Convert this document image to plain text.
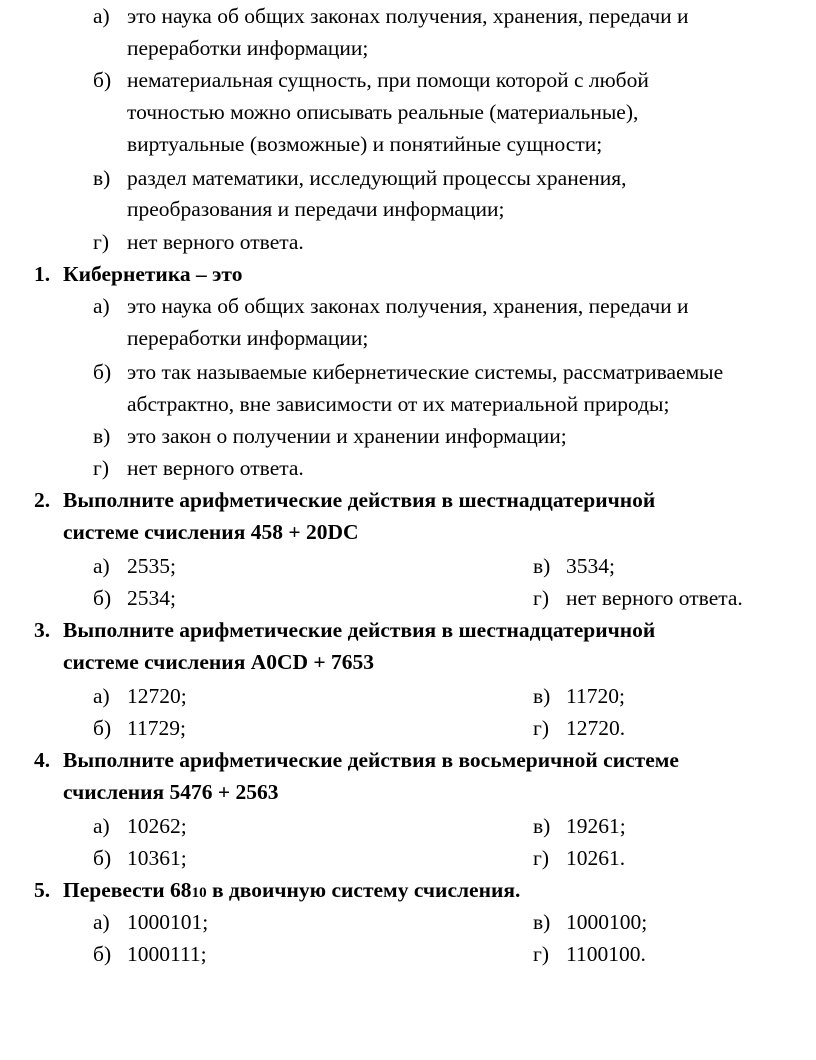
а) это наука об общих законах получения, хранения, передачи и
переработки информации;
б) нематериальная сущность, при помощи которой с любой
точностью можно описывать реальные (материальные),
виртуальные (возможные) и понятийные сущности;
в) раздел математики, исследующий процессы хранения,
преобразования и передачи информации;
г) нет верного ответа.
1. Кибернетика – это
а) это наука об общих законах получения, хранения, передачи и
переработки информации;
б) это так называемые кибернетические системы, рассматриваемые
абстрактно, вне зависимости от их материальной природы;
в) это закон о получении и хранении информации;
г) нет верного ответа.
2. Выполните арифметические действия в шестнадцатеричной
системе счисления 458 + 20DC
а) 2535;	в) 3534;
б) 2534;	г) нет верного ответа.
3. Выполните арифметические действия в шестнадцатеричной
системе счисления A0CD + 7653
а) 12720;	в) 11720;
б) 11729;	г) 12720.
4. Выполните арифметические действия в восьмеричной системе
счисления 5476 + 2563
а) 10262;	в) 19261;
б) 10361;	г) 10261.
5. Перевести 6810 в двоичную систему счисления.
а) 1000101;	в) 1000100;
б) 1000111;	г) 1100100.
